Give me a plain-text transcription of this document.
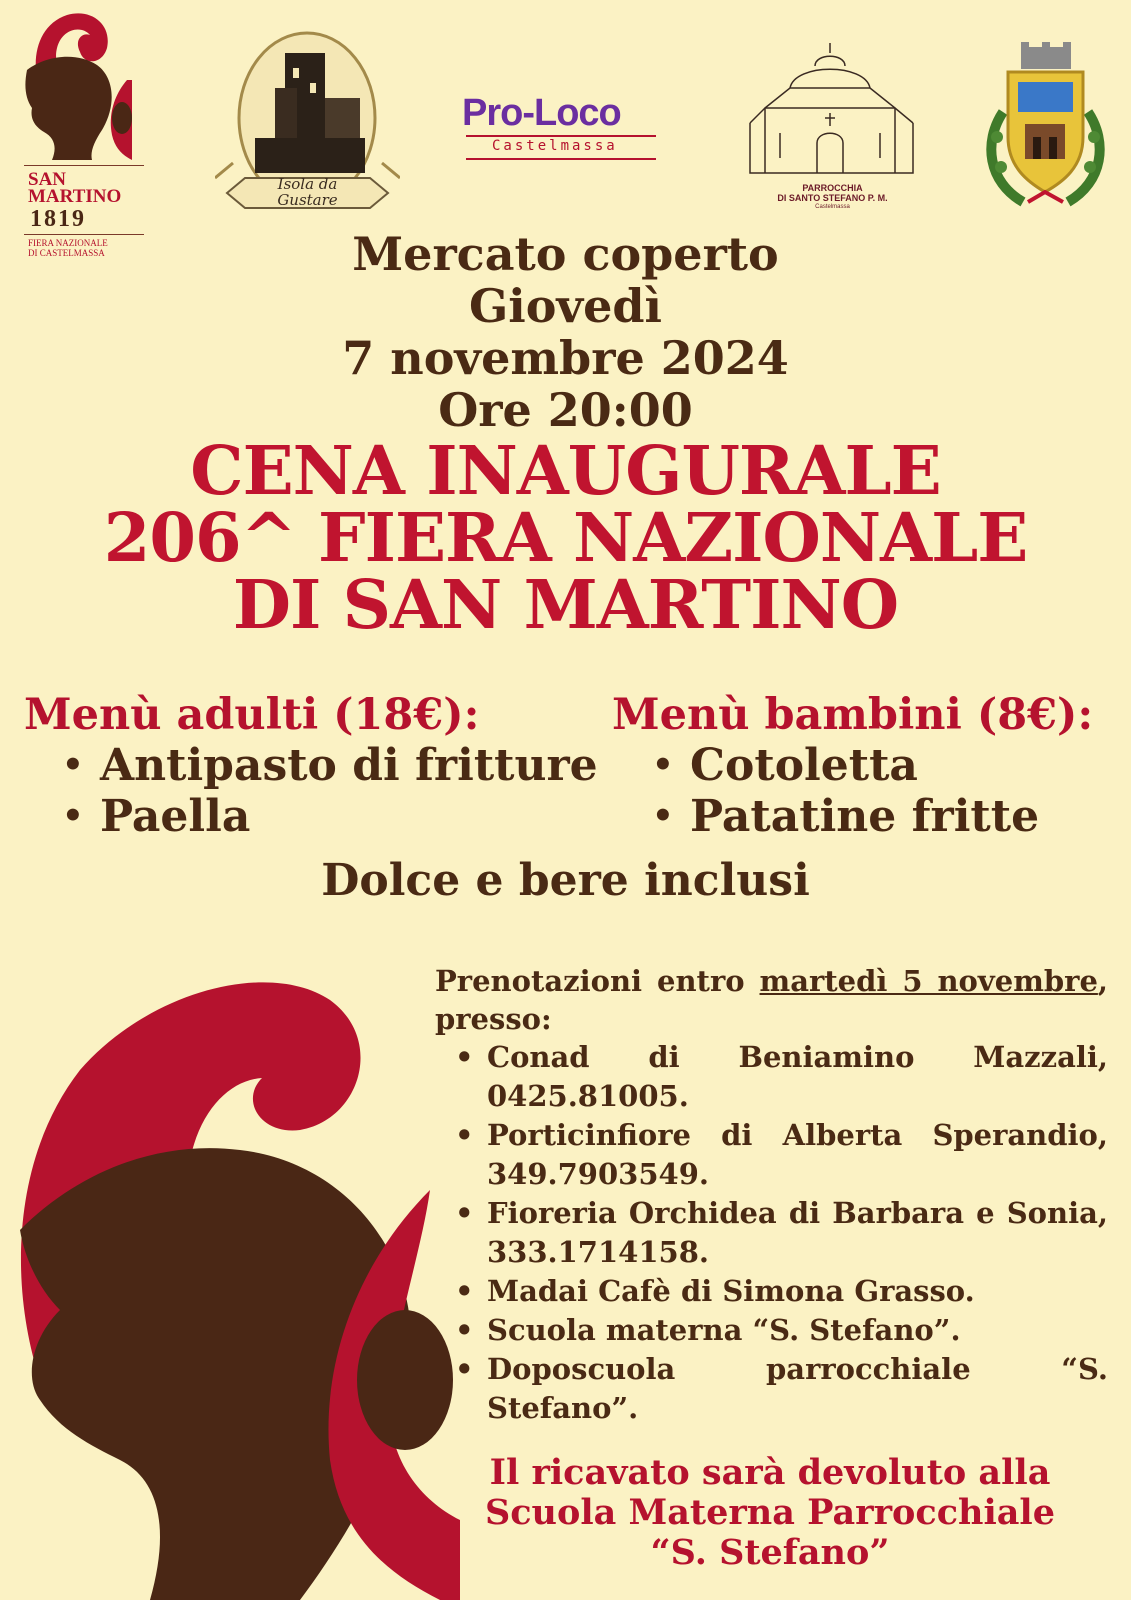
SAN
MARTINO
1819
FIERA NAZIONALE
DI CASTELMASSA
Isola da
Gustare
Pro-Loco
Castelmassa
PARROCCHIA
DI SANTO STEFANO P. M.
Castelmassa
Mercato coperto
Giovedì
7 novembre 2024
Ore 20:00
CENA INAUGURALE
206^ FIERA NAZIONALE
DI SAN MARTINO
Menù adulti (18€):
• Antipasto di fritture
• Paella
Menù bambini (8€):
• Cotoletta
• Patatine fritte
Dolce e bere inclusi
Prenotazioni entro martedì 5 novembre, presso:
• Conad di Beniamino Mazzali, 0425.81005.
• Porticinfiore di Alberta Sperandio, 349.7903549.
• Fioreria Orchidea di Barbara e Sonia, 333.1714158.
• Madai Cafè di Simona Grasso.
• Scuola materna “S. Stefano”.
• Doposcuola parrocchiale “S. Stefano”.
Il ricavato sarà devoluto alla
Scuola Materna Parrocchiale
“S. Stefano”
